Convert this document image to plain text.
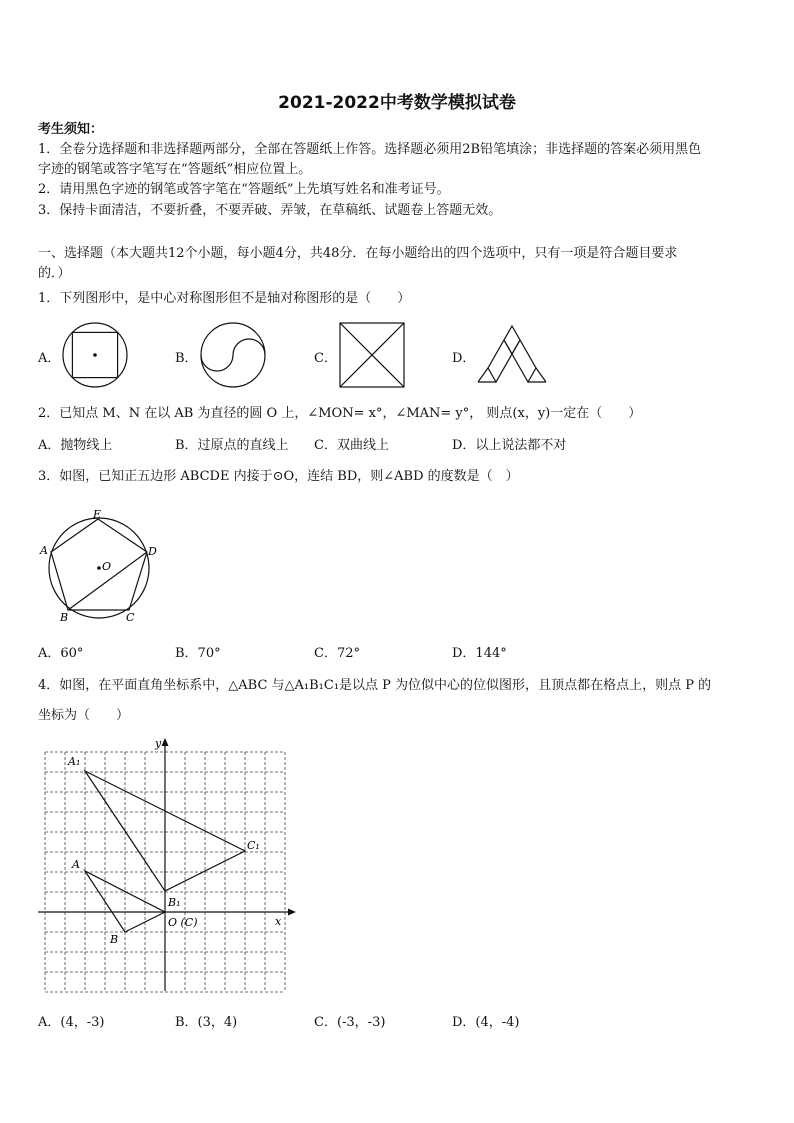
2021-2022中考数学模拟试卷
考生须知：
1．全卷分选择题和非选择题两部分，全部在答题纸上作答。选择题必须用2B铅笔填涂；非选择题的答案必须用黑色
字迹的钢笔或答字笔写在“答题纸”相应位置上。
2．请用黑色字迹的钢笔或答字笔在“答题纸”上先填写姓名和准考证号。
3．保持卡面清洁，不要折叠，不要弄破、弄皱，在草稿纸、试题卷上答题无效。
一、选择题（本大题共12个小题，每小题4分，共48分．在每小题给出的四个选项中，只有一项是符合题目要求
的．）
1．下列图形中，是中心对称图形但不是轴对称图形的是（　　）
A．	B．	C．	D．
2．已知点 M、N 在以 AB 为直径的圆 O 上，∠MON= x°，∠MAN= y°， 则点(x，y)一定在（　　）
A．抛物线上	B．过原点的直线上 C．双曲线上	D．以上说法都不对
3．如图，已知正五边形 ABCDE 内接于⊙O，连结 BD，则∠ABD 的度数是（　）
E
A	D
O
B	C
A．60°	B．70°	C．72°	D．144°
4．如图，在平面直角坐标系中，△ABC 与△A₁B₁C₁是以点 P 为位似中心的位似图形，且顶点都在格点上，则点 P 的
坐标为（　　）
y
x
A₁
C₁
A
B₁
O (C)
B
A．(4，-3)	B．(3，4)	C．(-3，-3)	D．(4，-4)
